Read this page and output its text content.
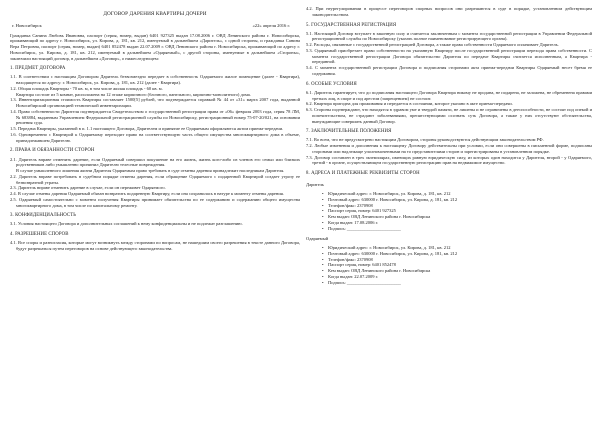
ДОГОВОР ДАРЕНИЯ КВАРТИРЫ ДОЧЕРИ
г. Новосибирск	«22» апреля 2016 г.
Гражданка Санина Любовь Ивановна, паспорт (серия, номер, выдан) 6401 927325 выдан 17.08.2006 г. ОВД Ленинского района г. Новосибирска, проживающий по адресу г. Новосибирск, ул. Кирова, д. 181, кв. 212, именуемый в дальнейшем «Даритель», с одной стороны, и гражданка Санина Вера Петровна, паспорт (серия, номер, выдан) 6401 852478 выдан 22.07.2009 г. ОВД Ленинского района г. Новосибирска, проживающий по адресу г. Новосибирск, ул. Кирова, д. 181, кв. 212, именуемый в дальнейшем «Одаряемый», с другой стороны, именуемые в дальнейшем «Стороны», заключили настоящий договор, в дальнейшем «Договор», о нижеследующем:
1. ПРЕДМЕТ ДОГОВОРА
1.1. В соответствии с настоящим Договором Даритель безвозмездно передает в собственность Одаряемого жилое помещение (далее - Квартира), находящееся по адресу: г. Новосибирск, ул. Кирова, д. 181, кв. 212 (далее - Квартира).
1.2. Общая площадь Квартиры - 70 кв. м, в том числе жилая площадь - 60 кв. м.
Квартира состоит из 5 комнат, расположена на 12 этаже кирпичного (блочного, панельного, кирпично-монолитного) дома.
1.3. Инвентаризационная стоимость Квартиры составляет 1500[5] рублей, что подтверждается справкой № 44 от «31» марта 2007 года, выданной Новосибирский организацией технической инвентаризации.
1.4. Право собственности Дарителя подтверждается Свидетельством о государственной регистрации права от «06» февраля 2003 года, серия 78 ЛМ, № 683884, выданным Управлением Федеральной регистрационной службы по Новосибирску, регистрационный номер 75-07-20/021, на основании решения суда.
1.5. Передача Квартиры, указанной в п. 1.1 настоящего Договора, Дарителем и принятие ее Одаряемым оформляются актом приема-передачи.
1.6. Одновременно с Квартирой к Одаряемому переходит право на соответствующую часть общего имущества многоквартирного дома в объеме, принадлежавшем Дарителю.
2. ПРАВА И ОБЯЗАННОСТИ СТОРОН
2.1. Даритель вправе отменить дарение, если Одаряемый совершил покушение на его жизнь, жизнь кого-либо из членов его семьи или близких родственников либо умышленно причинил Дарителю телесные повреждения.
В случае умышленного лишения жизни Дарителя Одаряемым право требовать в суде отмены дарения принадлежит наследникам Дарителя.
2.2. Даритель вправе потребовать в судебном порядке отмены дарения, если обращение Одаряемого с подаренной Квартирой создает угрозу ее безвозвратной утраты.
2.3. Даритель вправе отменить дарение в случае, если он переживет Одаряемого.
2.4. В случае отмены дарения Одаряемый обязан возвратить подаренную Квартиру, если она сохранилась в натуре к моменту отмены дарения.
2.5. Одаряемый самостоятельно с момента получения Квартиры принимает обязательства по ее содержанию и содержанию общего имущества многоквартирного дома, в том числе по капитальному ремонту.
3. КОНФИДЕНЦИАЛЬНОСТЬ
3.1. Условия настоящего Договора и дополнительных соглашений к нему конфиденциальны и не подлежат разглашению.
4. РАЗРЕШЕНИЕ СПОРОВ
4.1. Все споры и разногласия, которые могут возникнуть между сторонами по вопросам, не нашедшим своего разрешения в тексте данного Договора, будут разрешаться путем переговоров на основе действующего законодательства.
4.2. При неурегулировании в процессе переговоров спорных вопросов они разрешаются в суде в порядке, установленном действующим законодательством.
5. ГОСУДАРСТВЕННАЯ РЕГИСТРАЦИЯ
5.1. Настоящий Договор вступает в законную силу и считается заключенным с момента государственной регистрации в Управлении Федеральной регистрационной службы по Новосибирску (указать полное наименование регистрирующего органа).
5.2. Расходы, связанные с государственной регистрацией Договора, а также права собственности Одаряемого оплачивает Даритель.
5.3. Одаряемый приобретает право собственности на указанную Квартиру после государственной регистрации перехода права собственности. С момента государственной регистрации Договора обязательство Дарителя по передаче Квартиры считается исполненным, а Квартира - переданной.
5.4. С момента государственной регистрации Договора и подписания сторонами акта приема-передачи Квартиры Одаряемый несет бремя ее содержания.
6. ОСОБЫЕ УСЛОВИЯ
6.1. Даритель гарантирует, что до подписания настоящего Договора Квартира никому не продана, не подарена, не заложена, не обременена правами третьих лиц, в споре и под арестом (запрещением) не состоит.
6.2. Квартира пригодна для проживания и передается в состоянии, которое указано в акте приема-передачи.
6.3. Стороны подтверждают, что находятся в здравом уме и твердой памяти, не лишены и не ограничены в дееспособности, не состоят под опекой и попечительством, не страдают заболеваниями, препятствующими осознать суть Договора, а также у них отсутствуют обстоятельства, вынуждающие совершить данный Договор.
7. ЗАКЛЮЧИТЕЛЬНЫЕ ПОЛОЖЕНИЯ
7.1. Во всем, что не предусмотрено настоящим Договором, стороны руководствуются действующим законодательством РФ.
7.2. Любые изменения и дополнения к настоящему Договору действительны при условии, если они совершены в письменной форме, подписаны сторонами или надлежаще уполномоченными на то представителями сторон и зарегистрированы в установленном порядке.
7.3. Договор составлен в трех экземплярах, имеющих равную юридическую силу, из которых один находится у Дарителя, второй - у Одаряемого, третий - в органе, осуществляющем государственную регистрацию прав на недвижимое имущество.
8. АДРЕСА И ПЛАТЕЖНЫЕ РЕКВИЗИТЫ СТОРОН
Даритель
• Юридический адрес: г. Новосибирск, ул. Кирова, д. 181, кв. 212
• Почтовый адрес: 630000 г. Новосибирск, ул. Кирова, д. 181, кв. 212
• Телефон/факс: 2370908
• Паспорт серия, номер: 6401 927325
• Кем выдан: ОВД Ленинского района г. Новосибирска
• Когда выдан: 17.08.2006 г.
• Подпись: ________________________
Одаряемый
• Юридический адрес: г. Новосибирск, ул. Кирова, д. 181, кв. 212
• Почтовый адрес: 630000 г. Новосибирск, ул. Кирова, д. 181, кв. 212
• Телефон/факс: 2370908
• Паспорт серия, номер: 6401 852478
• Кем выдан: ОВД Ленинского района г. Новосибирска
• Когда выдан: 22.07.2009 г.
• Подпись: ________________________
